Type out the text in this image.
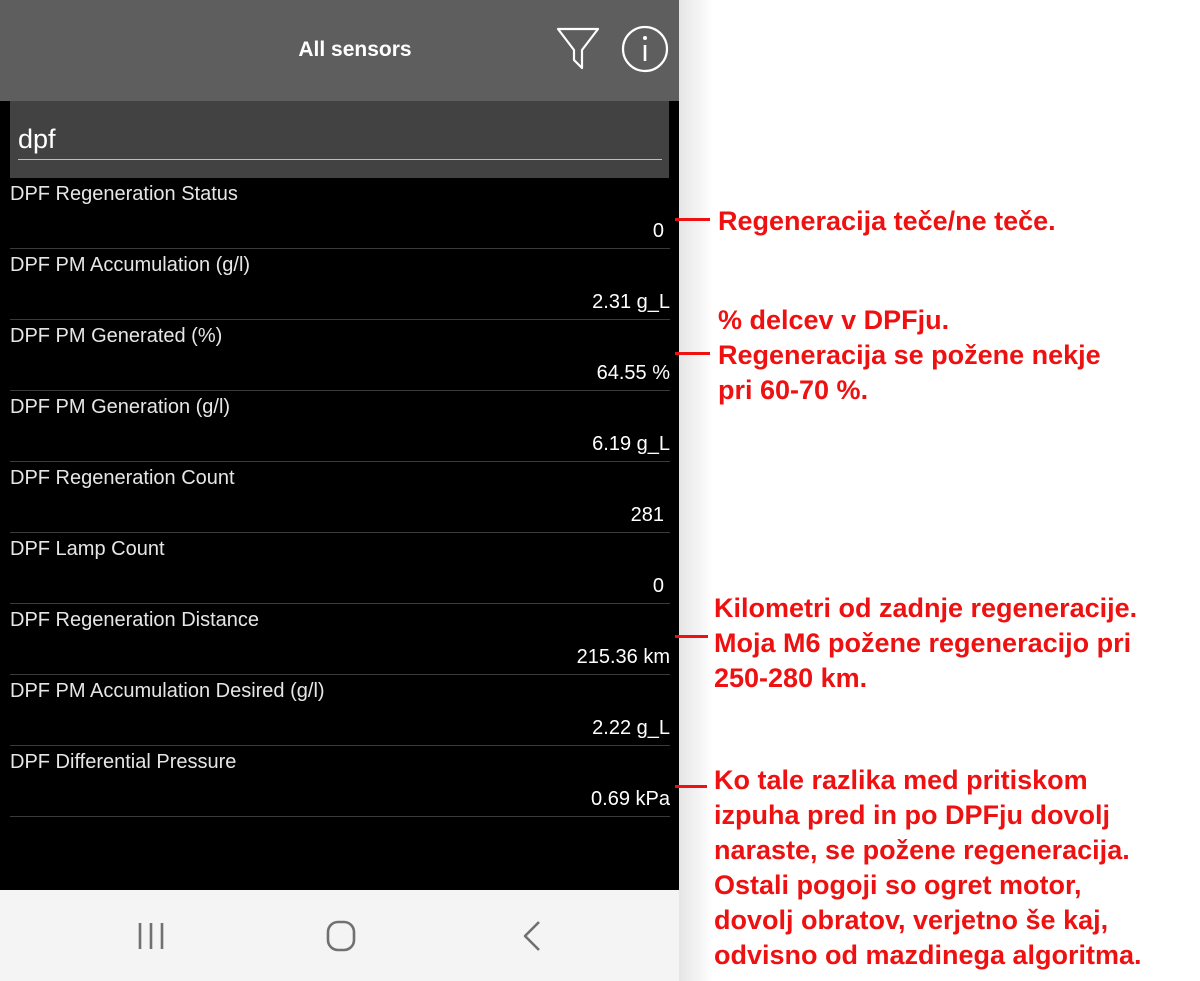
All sensors
dpf
DPF Regeneration Status
0
DPF PM Accumulation (g/l)
2.31 g_L
DPF PM Generated (%)
64.55 %
DPF PM Generation (g/l)
6.19 g_L
DPF Regeneration Count
281
DPF Lamp Count
0
DPF Regeneration Distance
215.36 km
DPF PM Accumulation Desired (g/l)
2.22 g_L
DPF Differential Pressure
0.69 kPa
Regeneracija teče/ne teče.
% delcev v DPFju.
Regeneracija se požene nekje
pri 60-70 %.
Kilometri od zadnje regeneracije.
Moja M6 požene regeneracijo pri
250-280 km.
Ko tale razlika med pritiskom
izpuha pred in po DPFju dovolj
naraste, se požene regeneracija.
Ostali pogoji so ogret motor,
dovolj obratov, verjetno še kaj,
odvisno od mazdinega algoritma.
